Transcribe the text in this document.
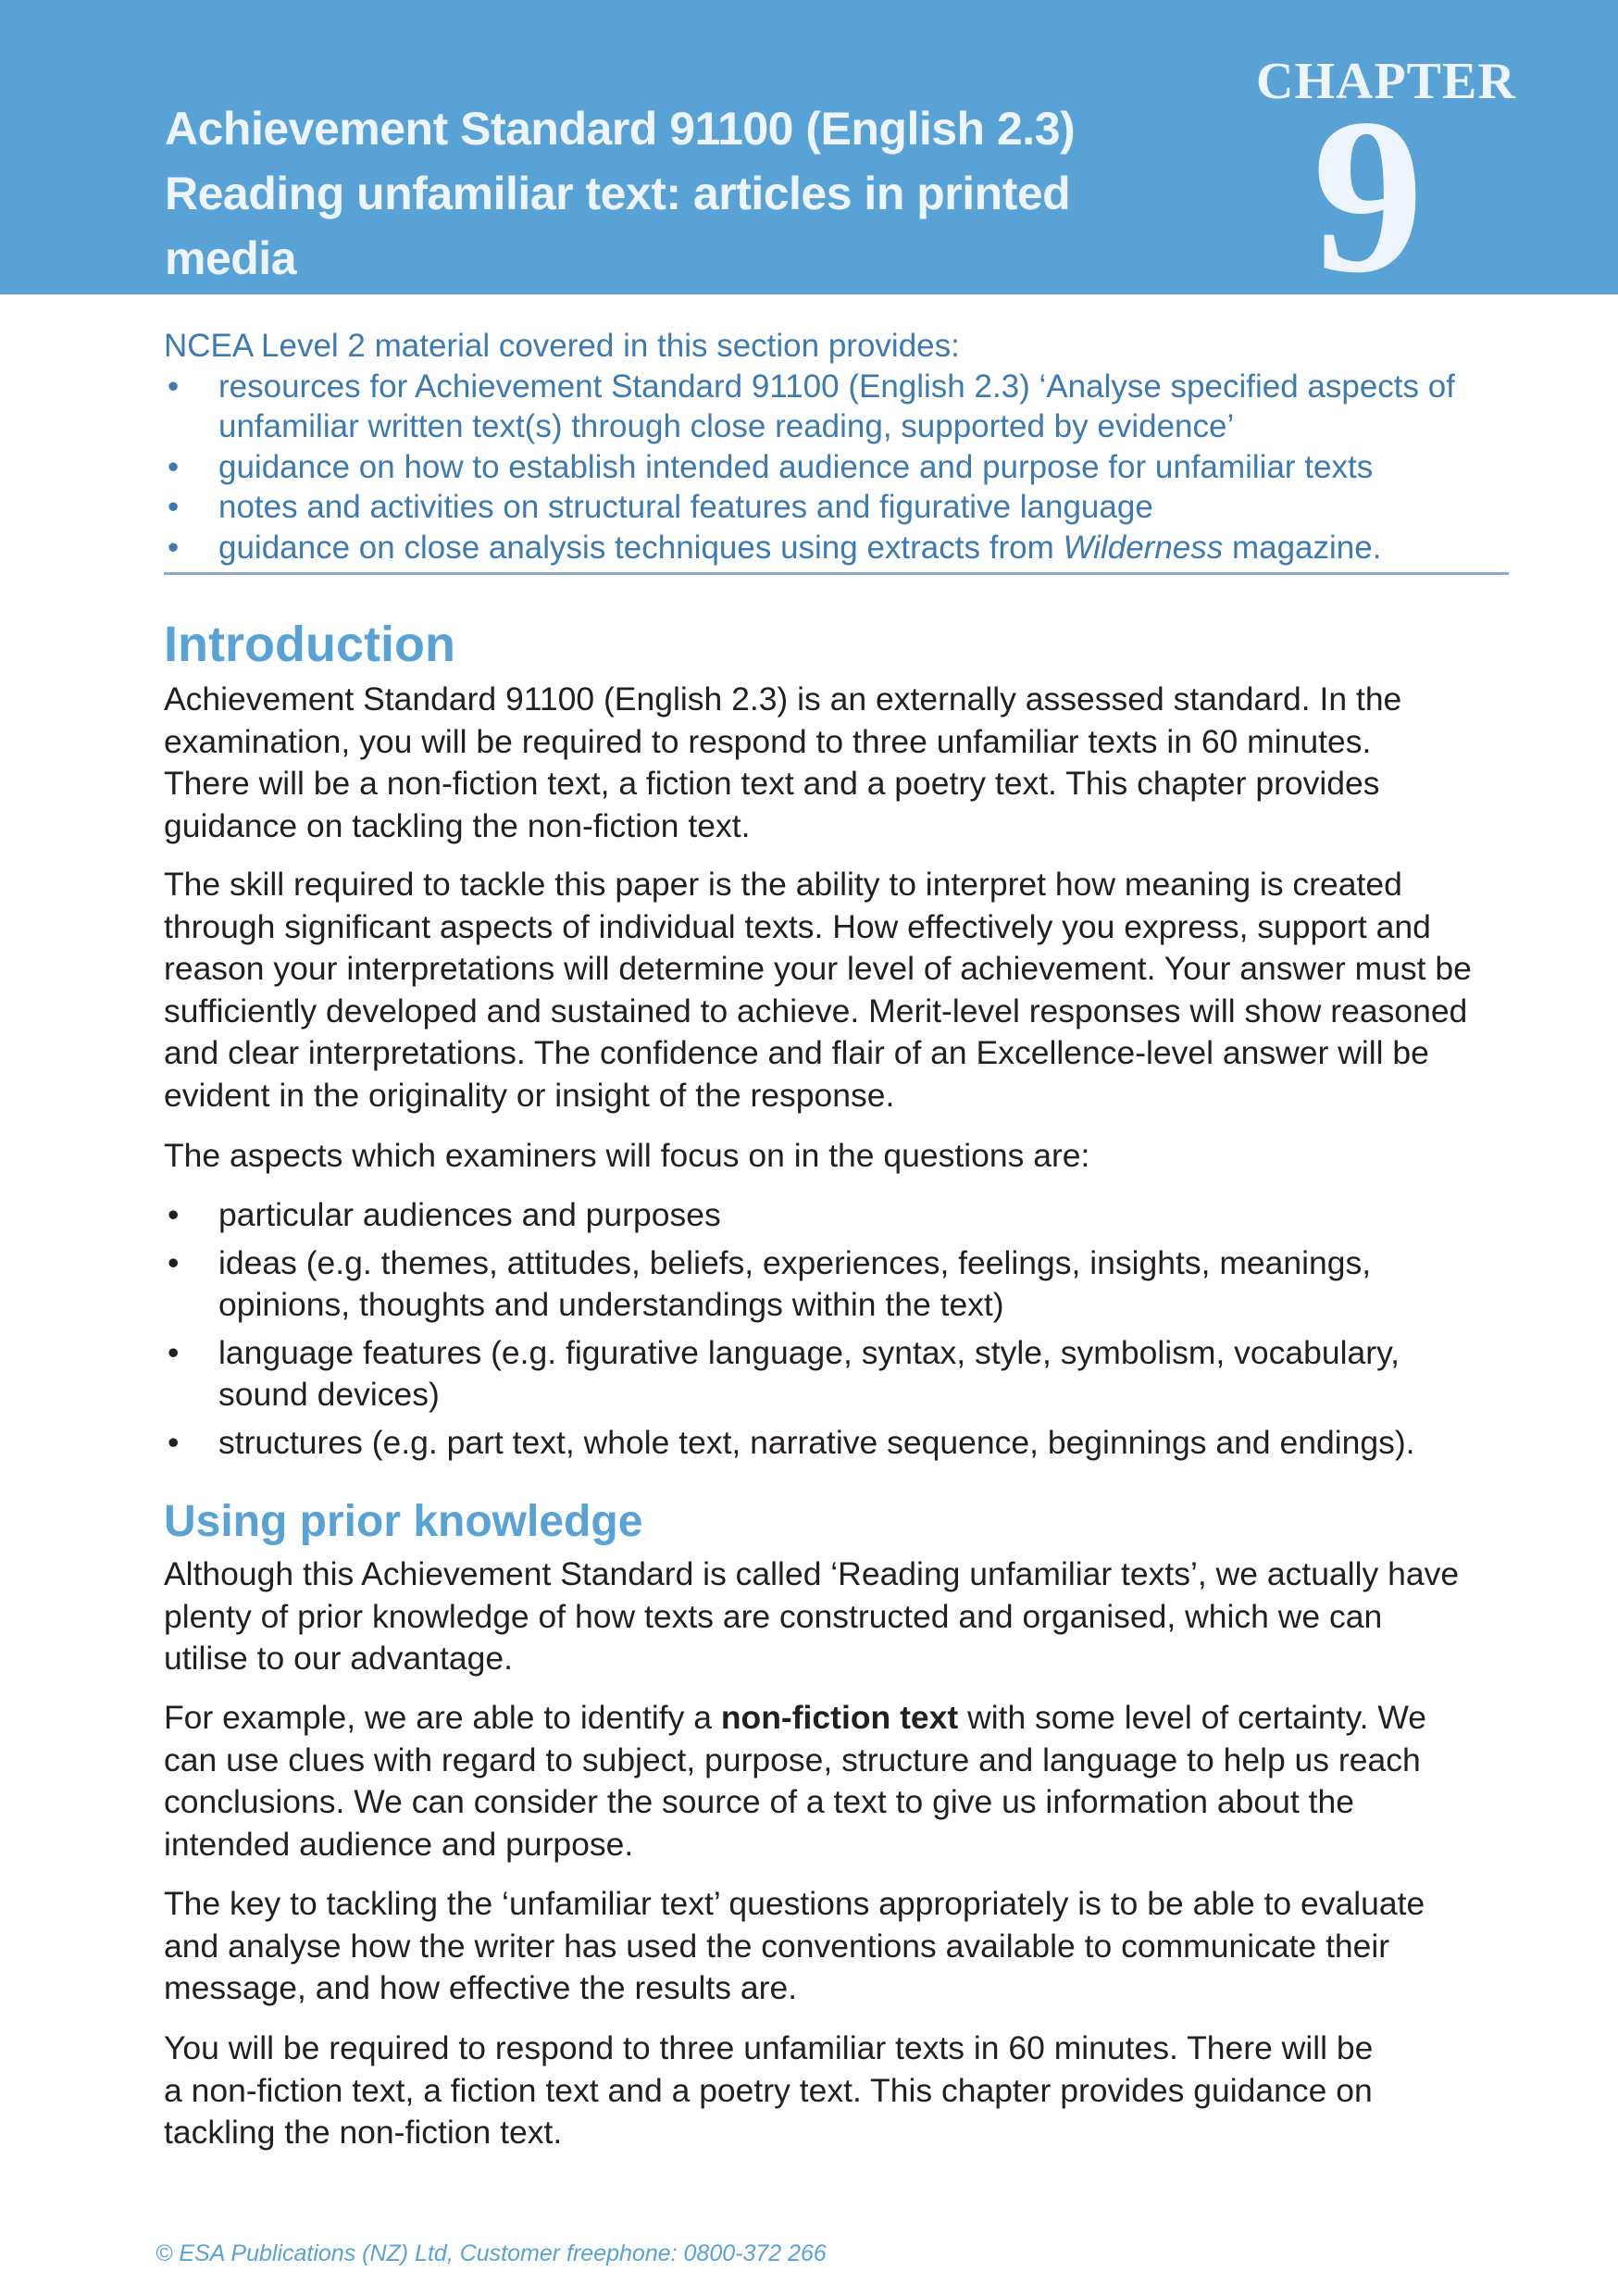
Achievement Standard 91100 (English 2.3)
Reading unfamiliar text: articles in printed
media
CHAPTER
9
NCEA Level 2 material covered in this section provides:
• resources for Achievement Standard 91100 (English 2.3) ‘Analyse specified aspects of
unfamiliar written text(s) through close reading, supported by evidence’
• guidance on how to establish intended audience and purpose for unfamiliar texts
• notes and activities on structural features and figurative language
• guidance on close analysis techniques using extracts from Wilderness magazine.
Introduction
Achievement Standard 91100 (English 2.3) is an externally assessed standard. In the
examination, you will be required to respond to three unfamiliar texts in 60 minutes.
There will be a non-fiction text, a fiction text and a poetry text. This chapter provides
guidance on tackling the non-fiction text.
The skill required to tackle this paper is the ability to interpret how meaning is created
through significant aspects of individual texts. How effectively you express, support and
reason your interpretations will determine your level of achievement. Your answer must be
sufficiently developed and sustained to achieve. Merit-level responses will show reasoned
and clear interpretations. The confidence and flair of an Excellence-level answer will be
evident in the originality or insight of the response.
The aspects which examiners will focus on in the questions are:
• particular audiences and purposes
• ideas (e.g. themes, attitudes, beliefs, experiences, feelings, insights, meanings,
opinions, thoughts and understandings within the text)
• language features (e.g. figurative language, syntax, style, symbolism, vocabulary,
sound devices)
• structures (e.g. part text, whole text, narrative sequence, beginnings and endings).
Using prior knowledge
Although this Achievement Standard is called ‘Reading unfamiliar texts’, we actually have
plenty of prior knowledge of how texts are constructed and organised, which we can
utilise to our advantage.
For example, we are able to identify a non-fiction text with some level of certainty. We
can use clues with regard to subject, purpose, structure and language to help us reach
conclusions. We can consider the source of a text to give us information about the
intended audience and purpose.
The key to tackling the ‘unfamiliar text’ questions appropriately is to be able to evaluate
and analyse how the writer has used the conventions available to communicate their
message, and how effective the results are.
You will be required to respond to three unfamiliar texts in 60 minutes. There will be
a non-fiction text, a fiction text and a poetry text. This chapter provides guidance on
tackling the non-fiction text.
© ESA Publications (NZ) Ltd, Customer freephone: 0800-372 266
